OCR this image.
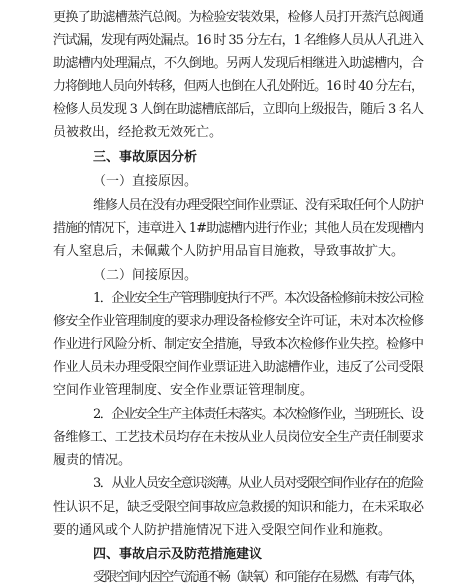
更换了助滤槽蒸汽总阀。为检验安装效果，检修人员打开蒸汽总阀通
汽试漏，发现有两处漏点。16 时 35 分左右，1 名维修人员从人孔进入
助滤槽内处理漏点，不久倒地。另两人发现后相继进入助滤槽内，合
力将倒地人员向外转移，但两人也倒在人孔处附近。16 时 40 分左右，
检修人员发现 3 人倒在助滤槽底部后，立即向上级报告，随后 3 名人
员被救出，经抢救无效死亡。
三、事故原因分析
（一）直接原因。
维修人员在没有办理受限空间作业票证、没有采取任何个人防护
措施的情况下，违章进入 1#助滤槽内进行作业；其他人员在发现槽内
有人窒息后，未佩戴个人防护用品盲目施救，导致事故扩大。
（二）间接原因。
1．企业安全生产管理制度执行不严。本次设备检修前未按公司检
修安全作业管理制度的要求办理设备检修安全许可证，未对本次检修
作业进行风险分析、制定安全措施，导致本次检修作业失控。检修中
作业人员未办理受限空间作业票证进入助滤槽作业，违反了公司受限
空间作业管理制度、安全作业票证管理制度。
2．企业安全生产主体责任未落实。本次检修作业，当班班长、设
备维修工、工艺技术员均存在未按从业人员岗位安全生产责任制要求
履责的情况。
3．从业人员安全意识淡薄。从业人员对受限空间作业存在的危险
性认识不足，缺乏受限空间事故应急救援的知识和能力，在未采取必
要的通风或个人防护措施情况下进入受限空间作业和施救。
四、事故启示及防范措施建议
受限空间内因空气流通不畅（缺氧）和可能存在易燃、有毒气体，
